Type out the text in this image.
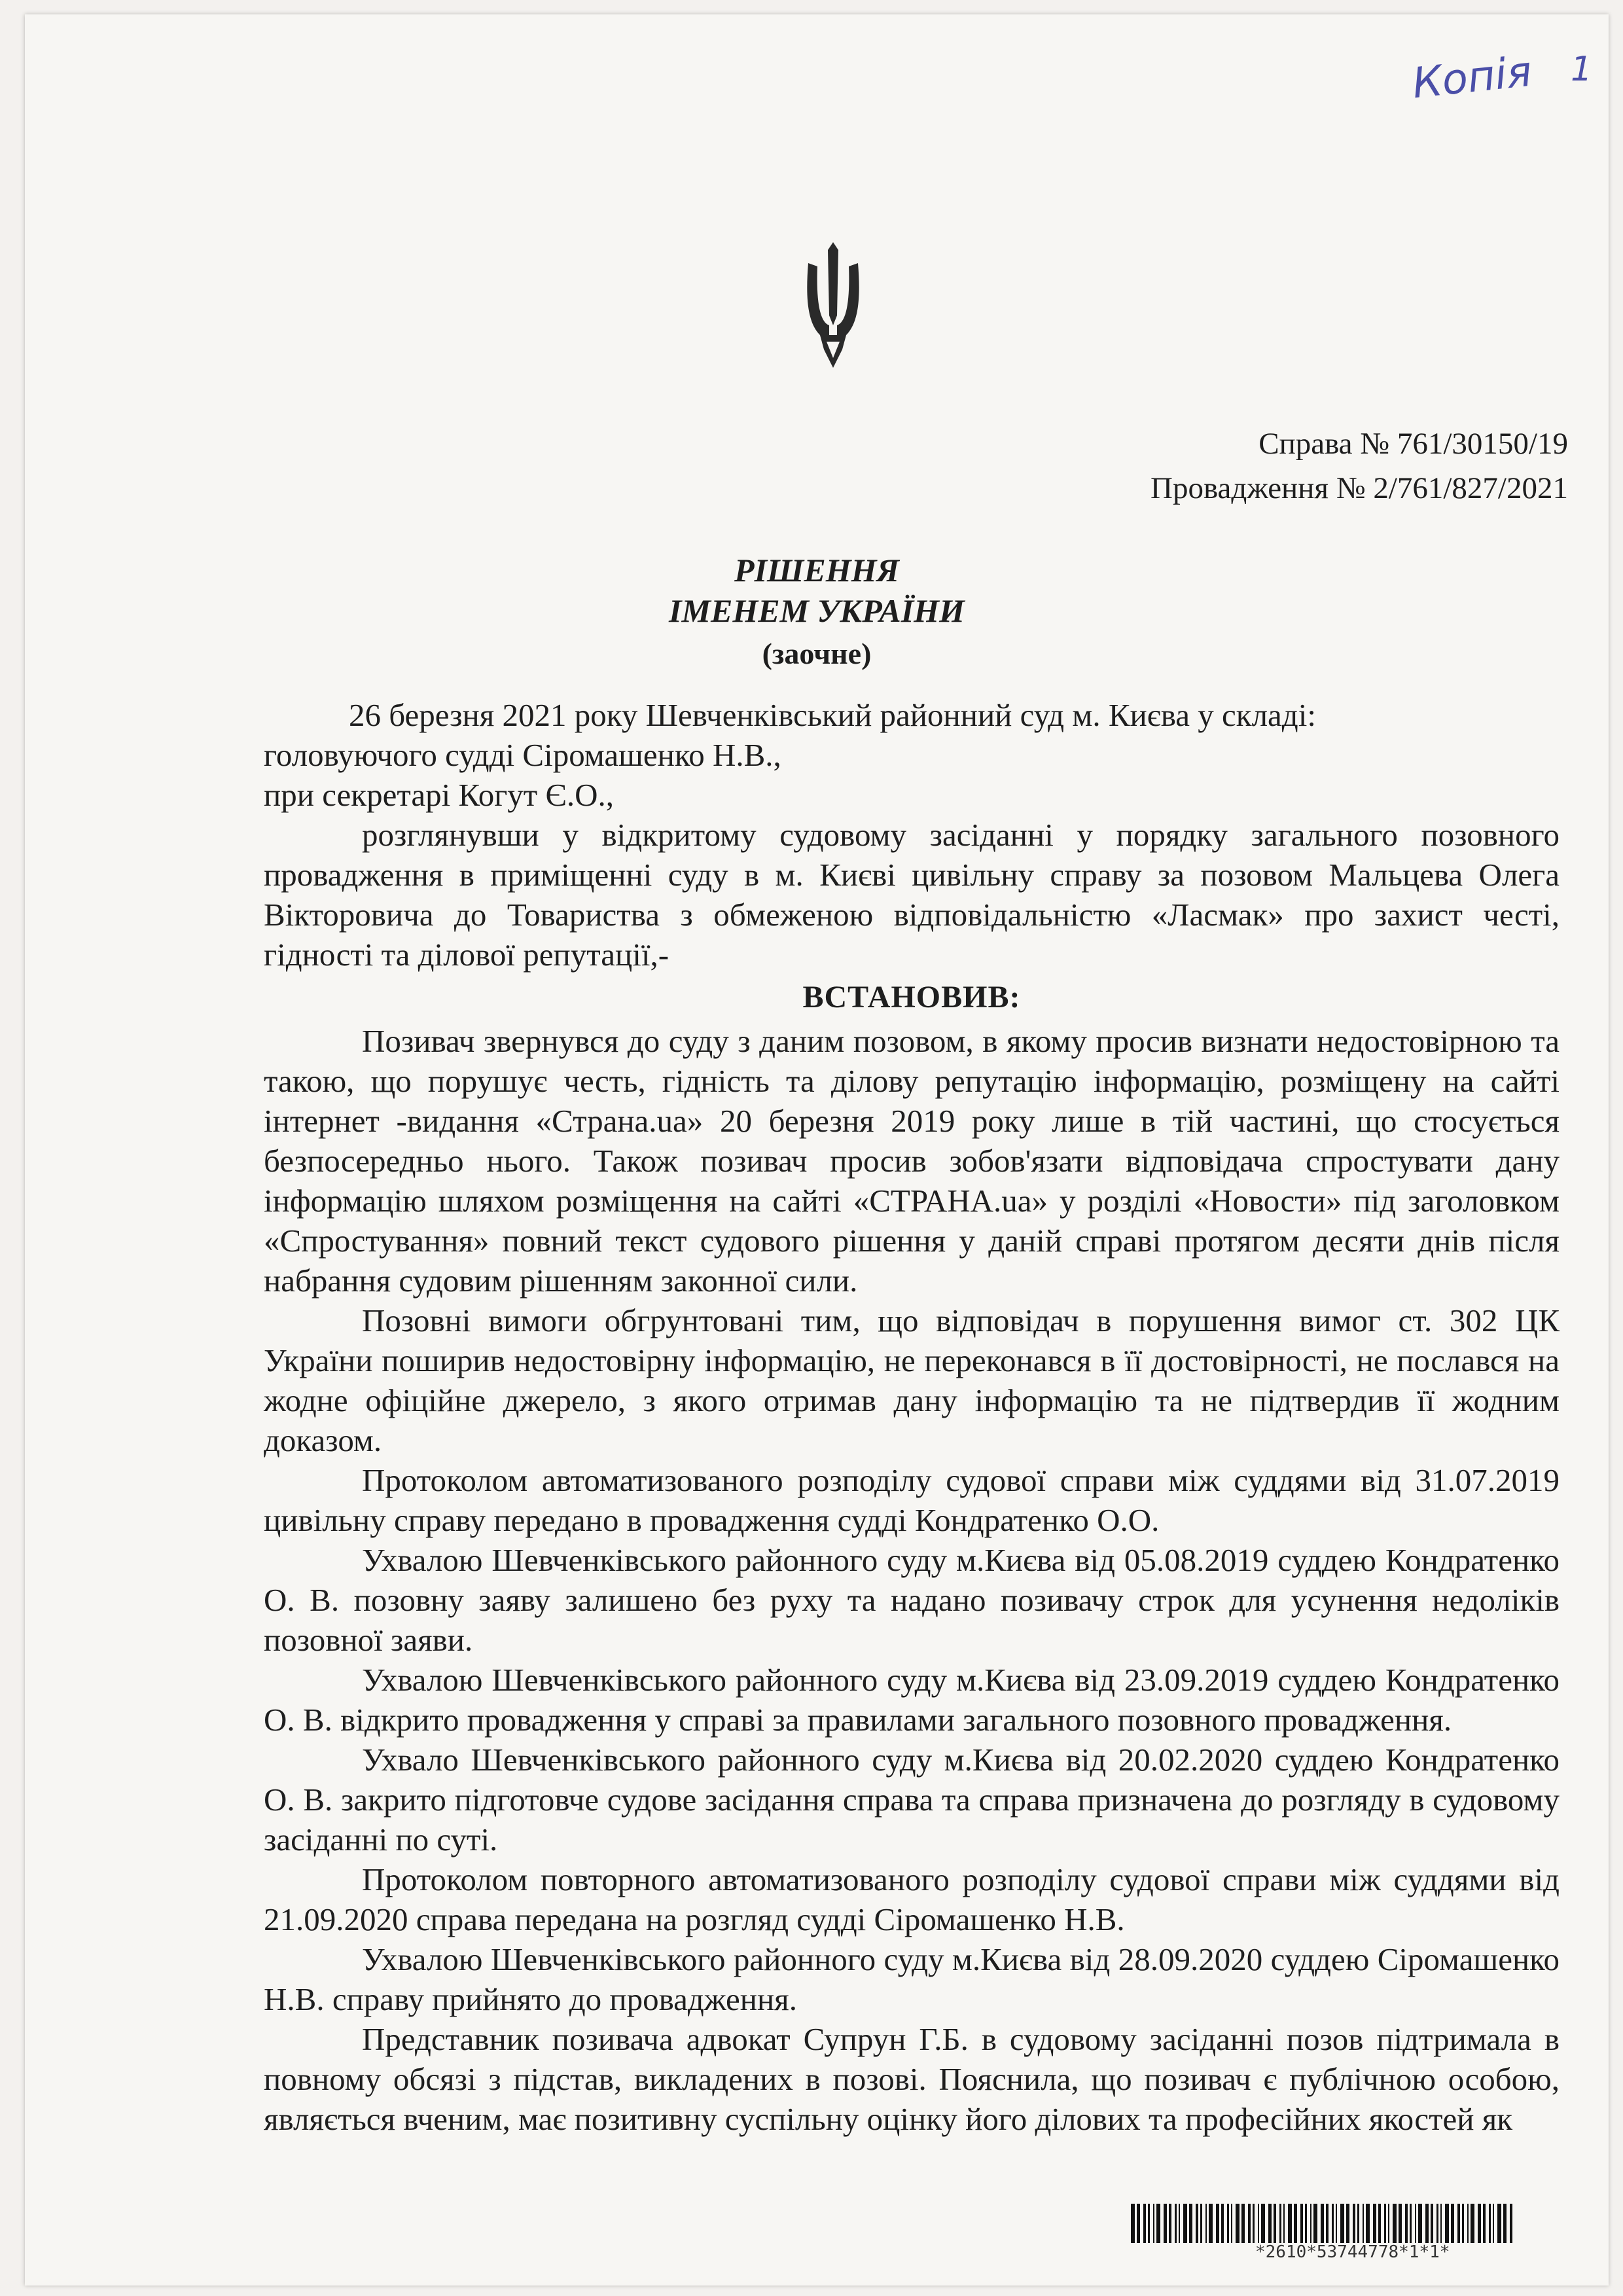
Копія 1
Справа № 761/30150/19
Провадження № 2/761/827/2021
РІШЕННЯ
ІМЕНЕМ УКРАЇНИ
(заочне)

26 березня 2021 року Шевченківський районний суд м. Києва у складі:

головуючого судді Сіромашенко Н.В.,

при секретарі Когут Є.О.,

розглянувши у відкритому судовому засіданні у порядку загального позовного провадження в приміщенні суду в м. Києві цивільну справу за позовом Мальцева Олега Вікторовича до Товариства з обмеженою відповідальністю «Ласмак» про захист честі, гідності та ділової репутації,-

ВСТАНОВИВ:

Позивач звернувся до суду з даним позовом, в якому просив визнати недостовірною та такою, що порушує честь, гідність та ділову репутацію інформацію, розміщену на сайті інтернет -видання «Страна.ua» 20 березня 2019 року лише в тій частині, що стосується безпосередньо нього. Також позивач просив зобов'язати відповідача спростувати дану інформацію шляхом розміщення на сайті «СТРАНА.ua» у розділі «Новости» під заголовком «Спростування» повний текст судового рішення у даній справі протягом десяти днів після набрання судовим рішенням законної сили.

Позовні вимоги обгрунтовані тим, що відповідач в порушення вимог ст. 302 ЦК України поширив недостовірну інформацію, не переконався в її достовірності, не послався на жодне офіційне джерело, з якого отримав дану інформацію та не підтвердив її жодним доказом.

Протоколом автоматизованого розподілу судової справи між суддями від 31.07.2019 цивільну справу передано в провадження судді Кондратенко О.О.

Ухвалою Шевченківського районного суду м.Києва від 05.08.2019 суддею Кондратенко О. В. позовну заяву залишено без руху та надано позивачу строк для усунення недоліків позовної заяви.

Ухвалою Шевченківського районного суду м.Києва від 23.09.2019 суддею Кондратенко О. В. відкрито провадження у справі за правилами загального позовного провадження.

Ухвало Шевченківського районного суду м.Києва від 20.02.2020 суддею Кондратенко О. В. закрито підготовче судове засідання справа та справа призначена до розгляду в судовому засіданні по суті.

Протоколом повторного автоматизованого розподілу судової справи між суддями від 21.09.2020 справа передана на розгляд судді Сіромашенко Н.В.

Ухвалою Шевченківського районного суду м.Києва від 28.09.2020 суддею Сіромашенко Н.В. справу прийнято до провадження.

Представник позивача адвокат Супрун Г.Б. в судовому засіданні позов підтримала в повному обсязі з підстав, викладених в позові. Пояснила, що позивач є публічною особою, являється вченим, має позитивну суспільну оцінку його ділових та професійних якостей як

*2610*53744778*1*1*
